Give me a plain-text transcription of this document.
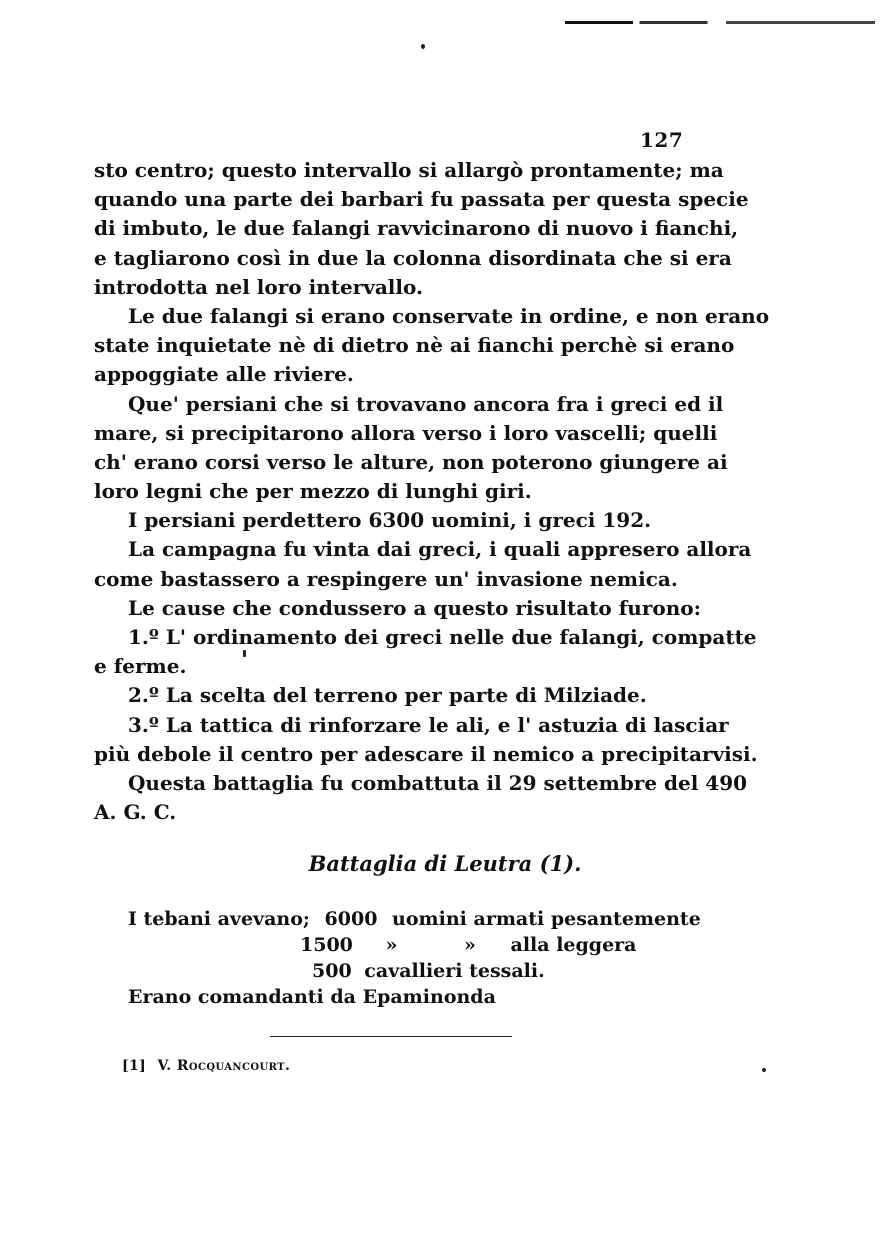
127
sto centro; questo intervallo si allargò prontamente; ma
quando una parte dei barbari fu passata per questa specie
di imbuto, le due falangi ravvicinarono di nuovo i fianchi,
e tagliarono così in due la colonna disordinata che si era
introdotta nel loro intervallo.
Le due falangi si erano conservate in ordine, e non erano
state inquietate nè di dietro nè ai fianchi perchè si erano
appoggiate alle riviere.
Que' persiani che si trovavano ancora fra i greci ed il
mare, si precipitarono allora verso i loro vascelli; quelli
ch' erano corsi verso le alture, non poterono giungere ai
loro legni che per mezzo di lunghi giri.
I persiani perdettero 6300 uomini, i greci 192.
La campagna fu vinta dai greci, i quali appresero allora
come bastassero a respingere un' invasione nemica.
Le cause che condussero a questo risultato furono:
1.º L' ordinamento dei greci nelle due falangi, compatte
e ferme.
2.º La scelta del terreno per parte di Milziade.
3.º La tattica di rinforzare le ali, e l' astuzia di lasciar
più debole il centro per adescare il nemico a precipitarvisi.
Questa battaglia fu combattuta il 29 settembre del 490
A. G. C.
Battaglia di Leutra (1).
I tebani avevano; 6000 uomini armati pesantemente
1500 »	» alla leggera
500 cavallieri tessali.
Erano comandanti da Epaminonda
[1] V. Rocquancourt.
